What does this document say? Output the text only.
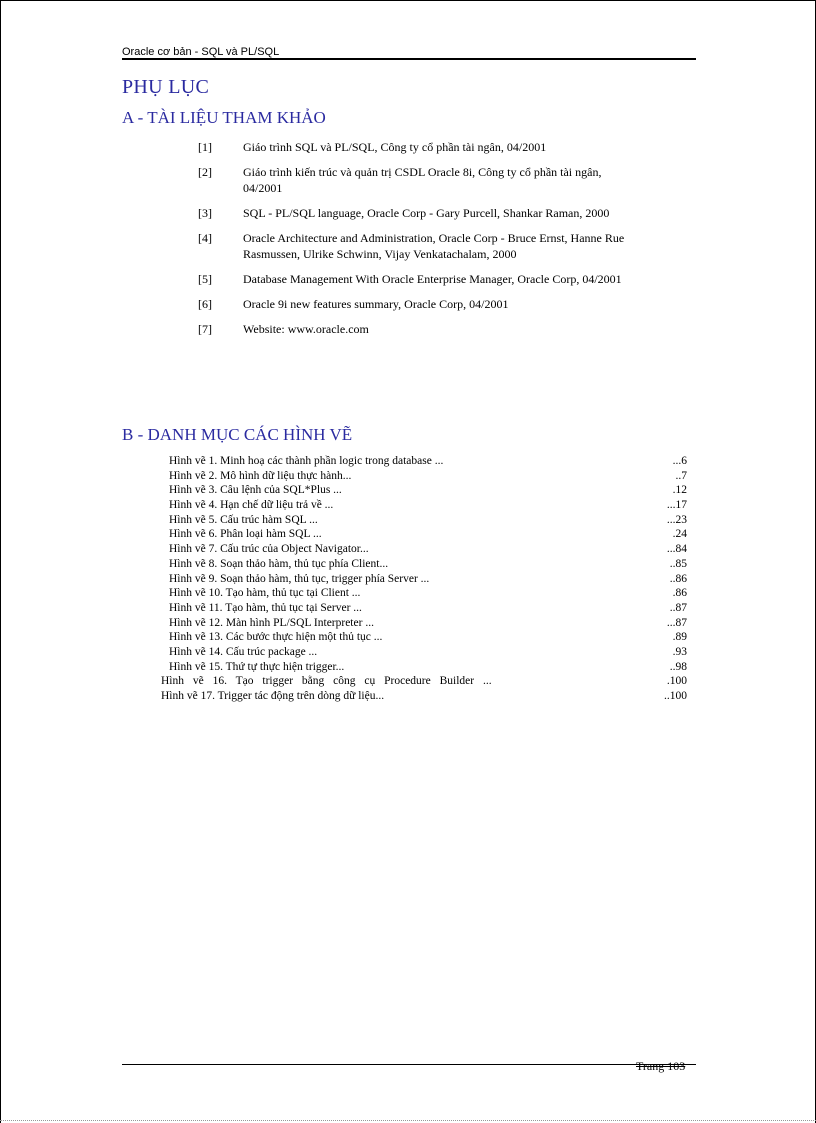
Oracle cơ bản - SQL và PL/SQL
PHỤ LỤC
A - TÀI LIỆU THAM KHẢO
[1]	Giáo trình SQL và PL/SQL, Công ty cổ phần tài ngân, 04/2001
[2]	Giáo trình kiến trúc và quản trị CSDL Oracle 8i, Công ty cổ phần tài ngân, 04/2001
[3]	SQL - PL/SQL language, Oracle Corp - Gary Purcell, Shankar Raman, 2000
[4]	Oracle Architecture and Administration, Oracle Corp - Bruce Ernst, Hanne Rue Rasmussen, Ulrike Schwinn, Vijay Venkatachalam, 2000
[5]	Database Management With Oracle Enterprise Manager, Oracle Corp, 04/2001
[6]	Oracle 9i new features summary, Oracle Corp, 04/2001
[7]	Website: www.oracle.com
B - DANH MỤC CÁC HÌNH VẼ
Hình vẽ 1. Minh hoạ các thành phần logic trong database ...	...6
Hình vẽ 2. Mô hình dữ liệu thực hành...	..7
Hình vẽ 3. Câu lệnh của SQL*Plus ...	.12
Hình vẽ 4. Hạn chế dữ liệu trả về ...	...17
Hình vẽ 5. Cấu trúc hàm SQL ...	...23
Hình vẽ 6. Phân loại hàm SQL ...	.24
Hình vẽ 7. Cấu trúc của Object Navigator...	...84
Hình vẽ 8. Soạn thảo hàm, thủ tục phía Client...	..85
Hình vẽ 9. Soạn thảo hàm, thủ tục, trigger phía Server ...	..86
Hình vẽ 10. Tạo hàm, thủ tục tại Client ...	.86
Hình vẽ 11. Tạo hàm, thủ tục tại Server ...	..87
Hình vẽ 12. Màn hình PL/SQL Interpreter ...	...87
Hình vẽ 13. Các bước thực hiện một thủ tục ...	.89
Hình vẽ 14. Cấu trúc package ...	.93
Hình vẽ 15. Thứ tự thực hiện trigger...	..98
Hình vẽ 16. Tạo trigger bằng công cụ Procedure Builder ...	.100
Hình vẽ 17. Trigger tác động trên dòng dữ liệu...	..100
Trang 103
